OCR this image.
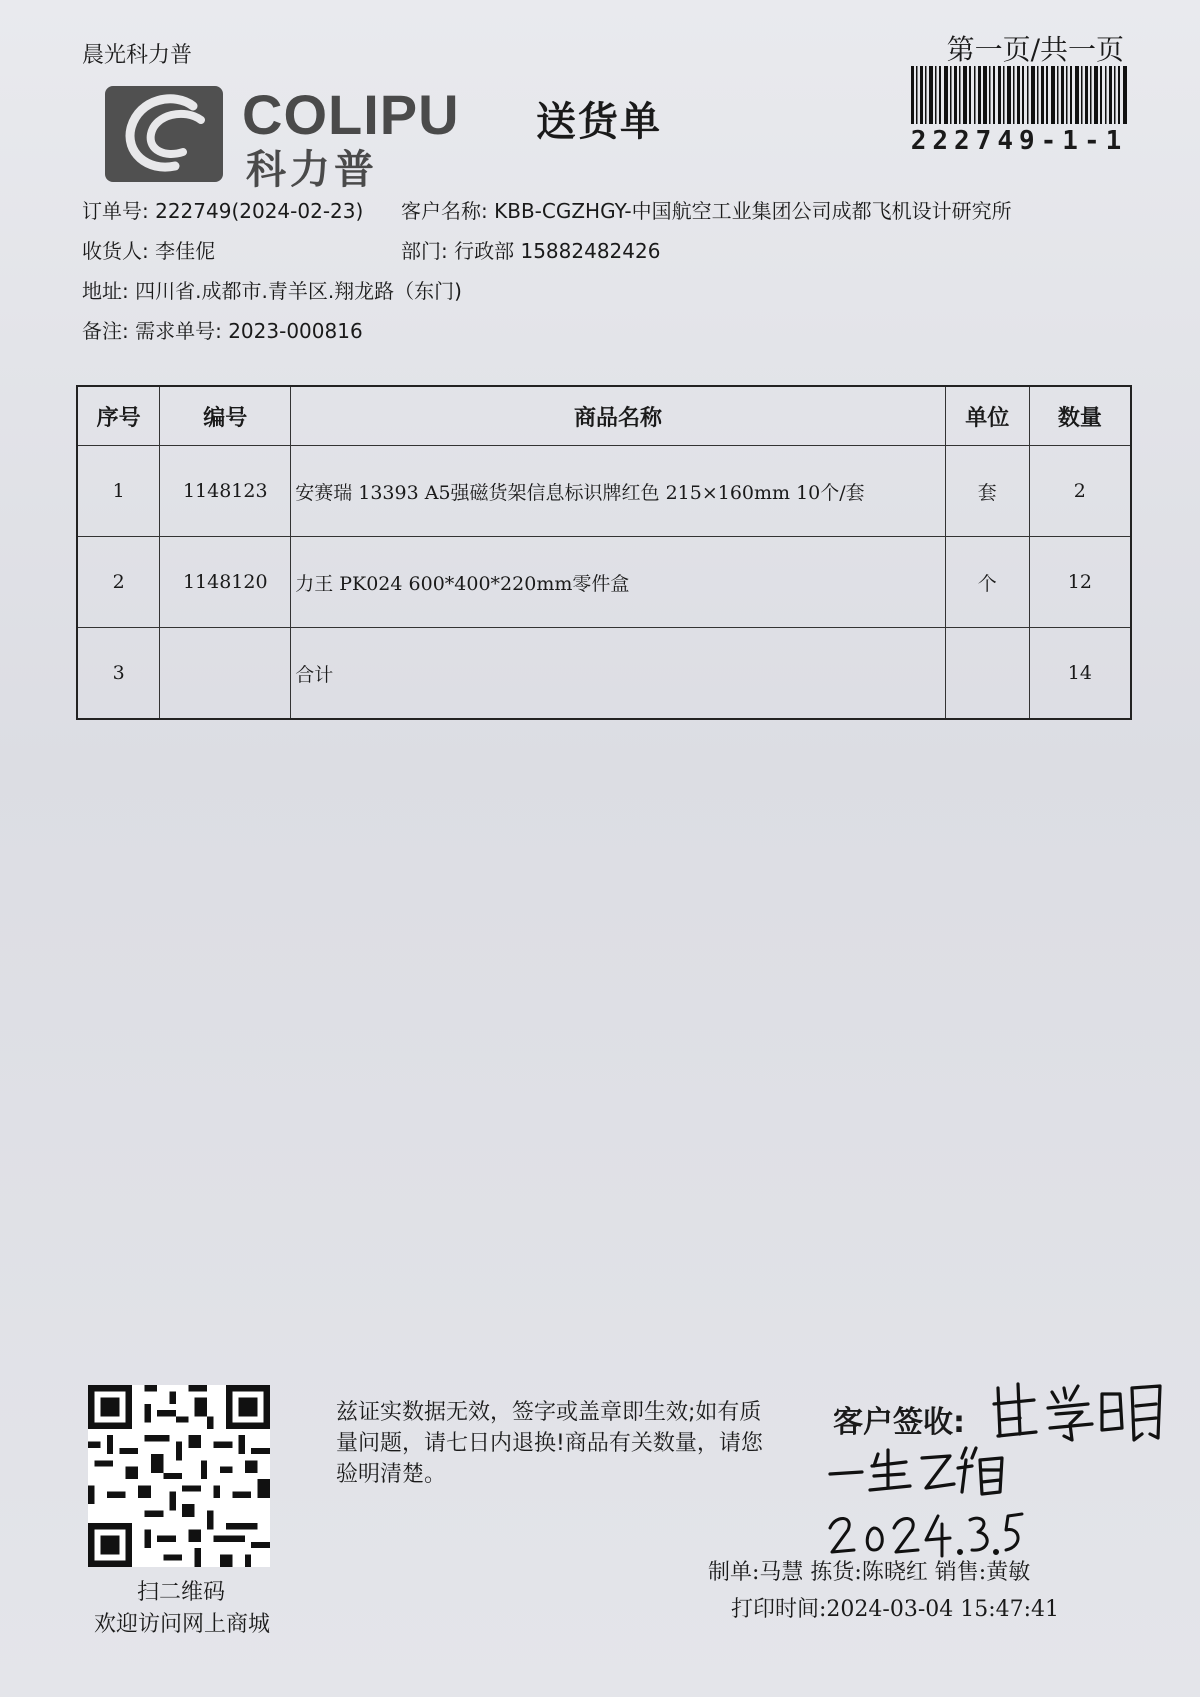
晨光科力普	第一页/共一页
222749-1-1
COLIPU
科力普
送货单
订单号: 222749(2024-02-23) 客户名称: KBB-CGZHGY-中国航空工业集团公司成都飞机设计研究所
收货人: 李佳伲	部门: 行政部 15882482426
地址: 四川省.成都市.青羊区.翔龙路（东门)
备注: 需求单号: 2023-000816
序号	编号	商品名称	单位	数量
1	1148123	安赛瑞 13393 A5强磁货架信息标识牌红色 215×160mm 10个/套	套	2
2	1148120	力王 PK024 600*400*220mm零件盒	个	12
3		合计		14
扫二维码
欢迎访问网上商城
兹证实数据无效，签字或盖章即生效;如有质量问题，请七日内退换!商品有关数量，请您验明清楚。
客户签收:
制单:马慧 拣货:陈晓红 销售:黄敏
打印时间:2024-03-04 15:47:41
